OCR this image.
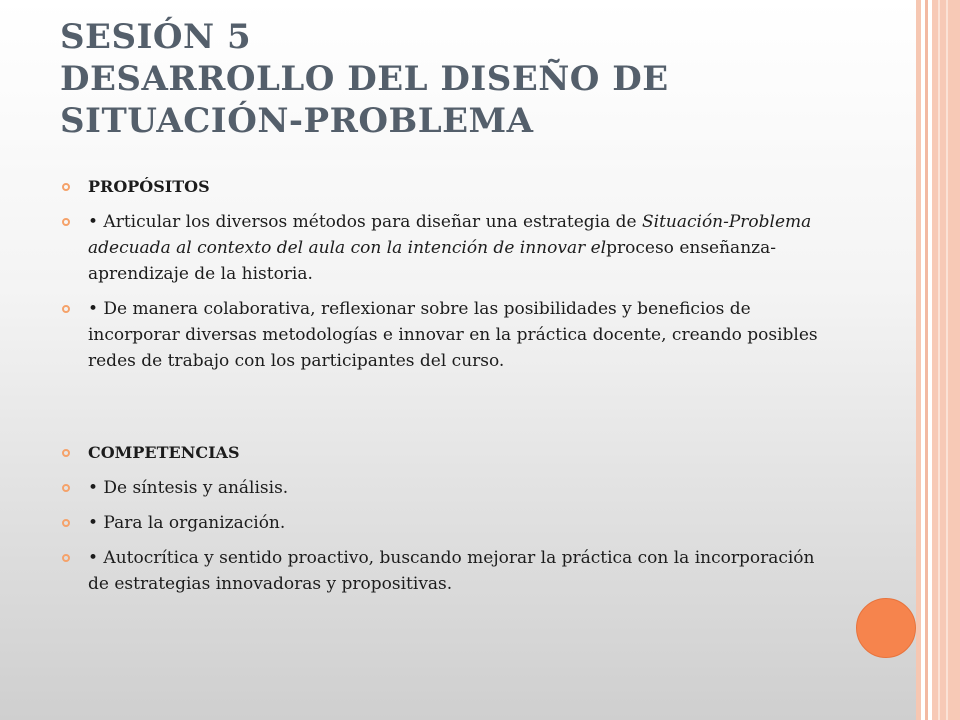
SESIÓN 5
DESARROLLO DEL DISEÑO DE
SITUACIÓN-PROBLEMA
PROPÓSITOS
• Articular los diversos métodos para diseñar una estrategia de Situación-Problema adecuada al contexto del aula con la intención de innovar elproceso enseñanza-aprendizaje de la historia.
• De manera colaborativa, reflexionar sobre las posibilidades y beneficios de incorporar diversas metodologías e innovar en la práctica docente, creando posibles redes de trabajo con los participantes del curso.
COMPETENCIAS
• De síntesis y análisis.
• Para la organización.
• Autocrítica y sentido proactivo, buscando mejorar la práctica con la incorporación de estrategias innovadoras y propositivas.
